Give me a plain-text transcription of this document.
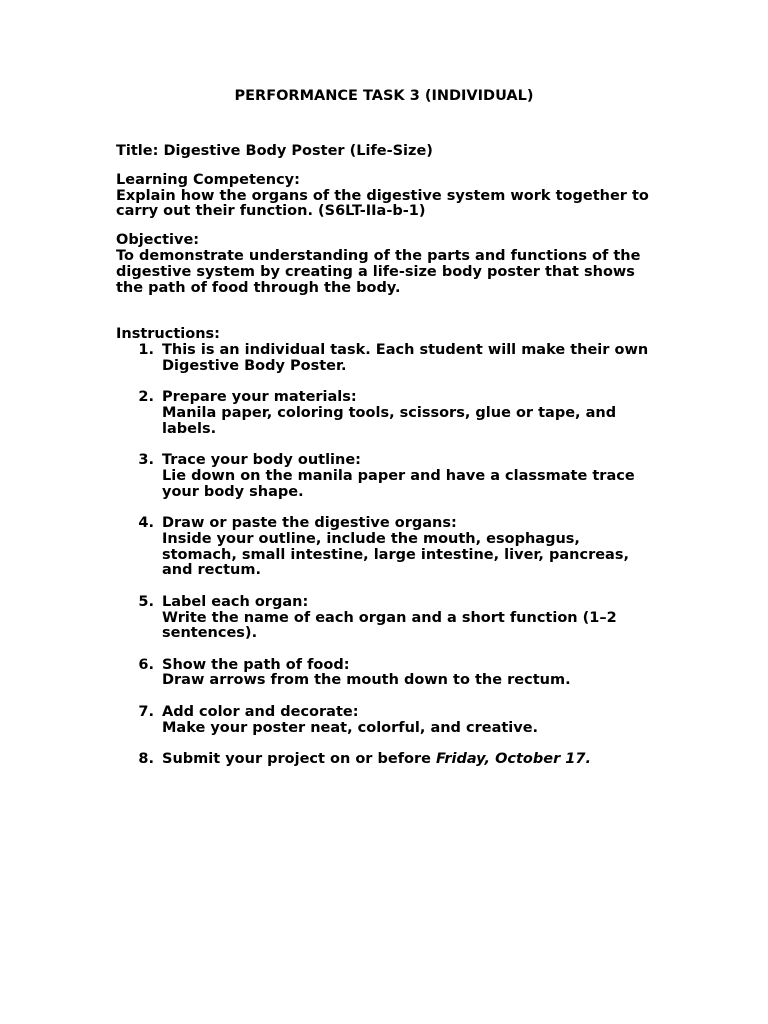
PERFORMANCE TASK 3 (INDIVIDUAL)

Title: Digestive Body Poster (Life-Size)

Learning Competency:

Explain how the organs of the digestive system work together to carry out their function. (S6LT-IIa-b-1)

Objective:

To demonstrate understanding of the parts and functions of the digestive system by creating a life-size body poster that shows the path of food through the body.

Instructions:

1. This is an individual task. Each student will make their own Digestive Body Poster.
2. Prepare your materials:
Manila paper, coloring tools, scissors, glue or tape, and labels.
3. Trace your body outline:
Lie down on the manila paper and have a classmate trace your body shape.
4. Draw or paste the digestive organs:
Inside your outline, include the mouth, esophagus, stomach, small intestine, large intestine, liver, pancreas, and rectum.
5. Label each organ:
Write the name of each organ and a short function (1–2 sentences).
6. Show the path of food:
Draw arrows from the mouth down to the rectum.
7. Add color and decorate:
Make your poster neat, colorful, and creative.
8. Submit your project on or before Friday, October 17.
